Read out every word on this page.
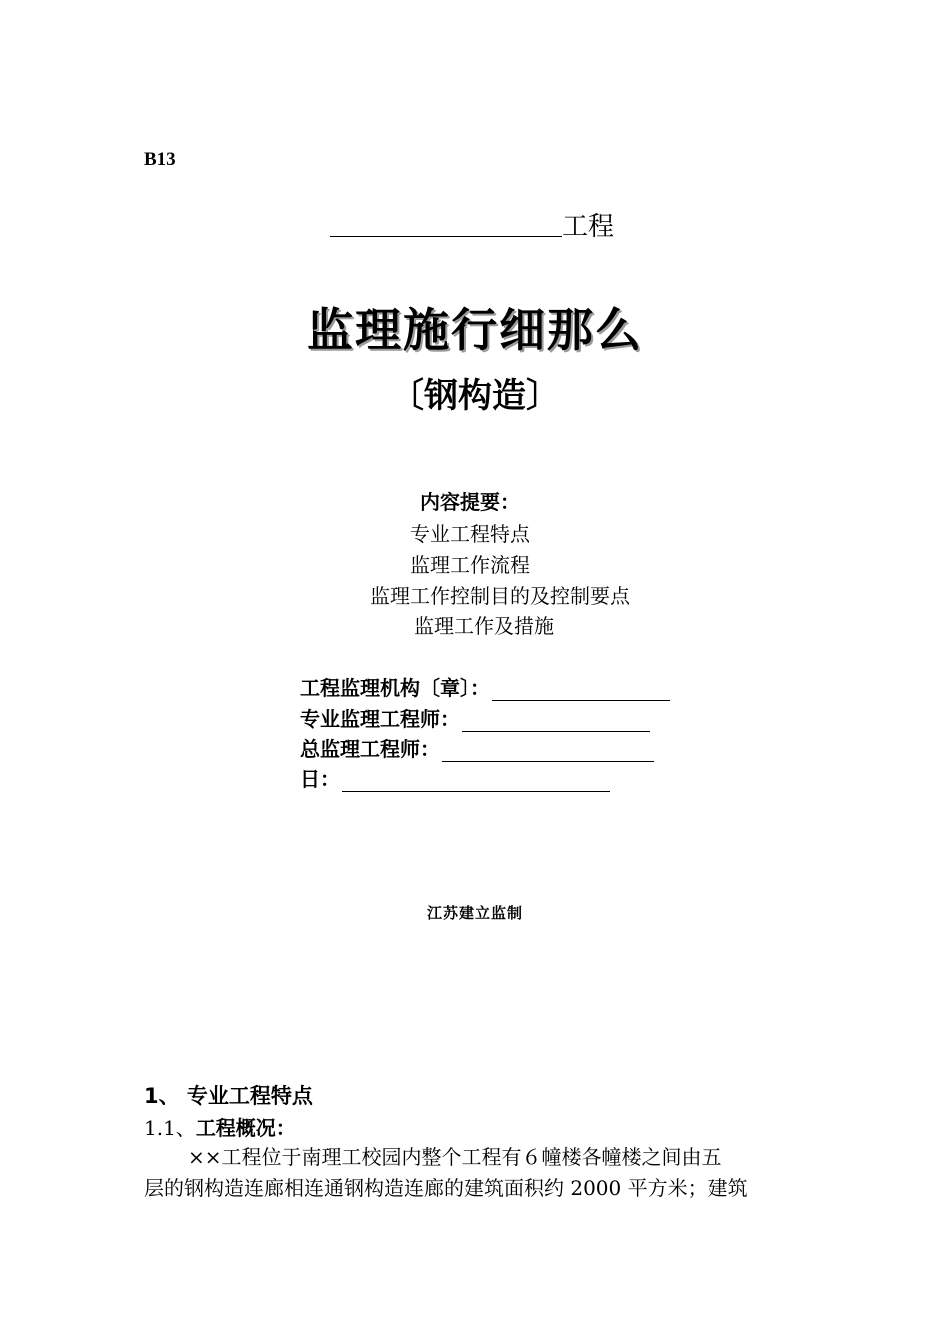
B13
工程
监理施行细那么
〔钢构造〕
内容提要：
专业工程特点
监理工作流程
监理工作控制目的及控制要点
监理工作及措施
工程监理机构〔章〕：
专业监理工程师：
总监理工程师：
日：
江苏建立监制
1、 专业工程特点
1.1、工程概况：
××工程位于南理工校园内整个工程有６幢楼各幢楼之间由五
层的钢构造连廊相连通钢构造连廊的建筑面积约 2000 平方米；建筑
